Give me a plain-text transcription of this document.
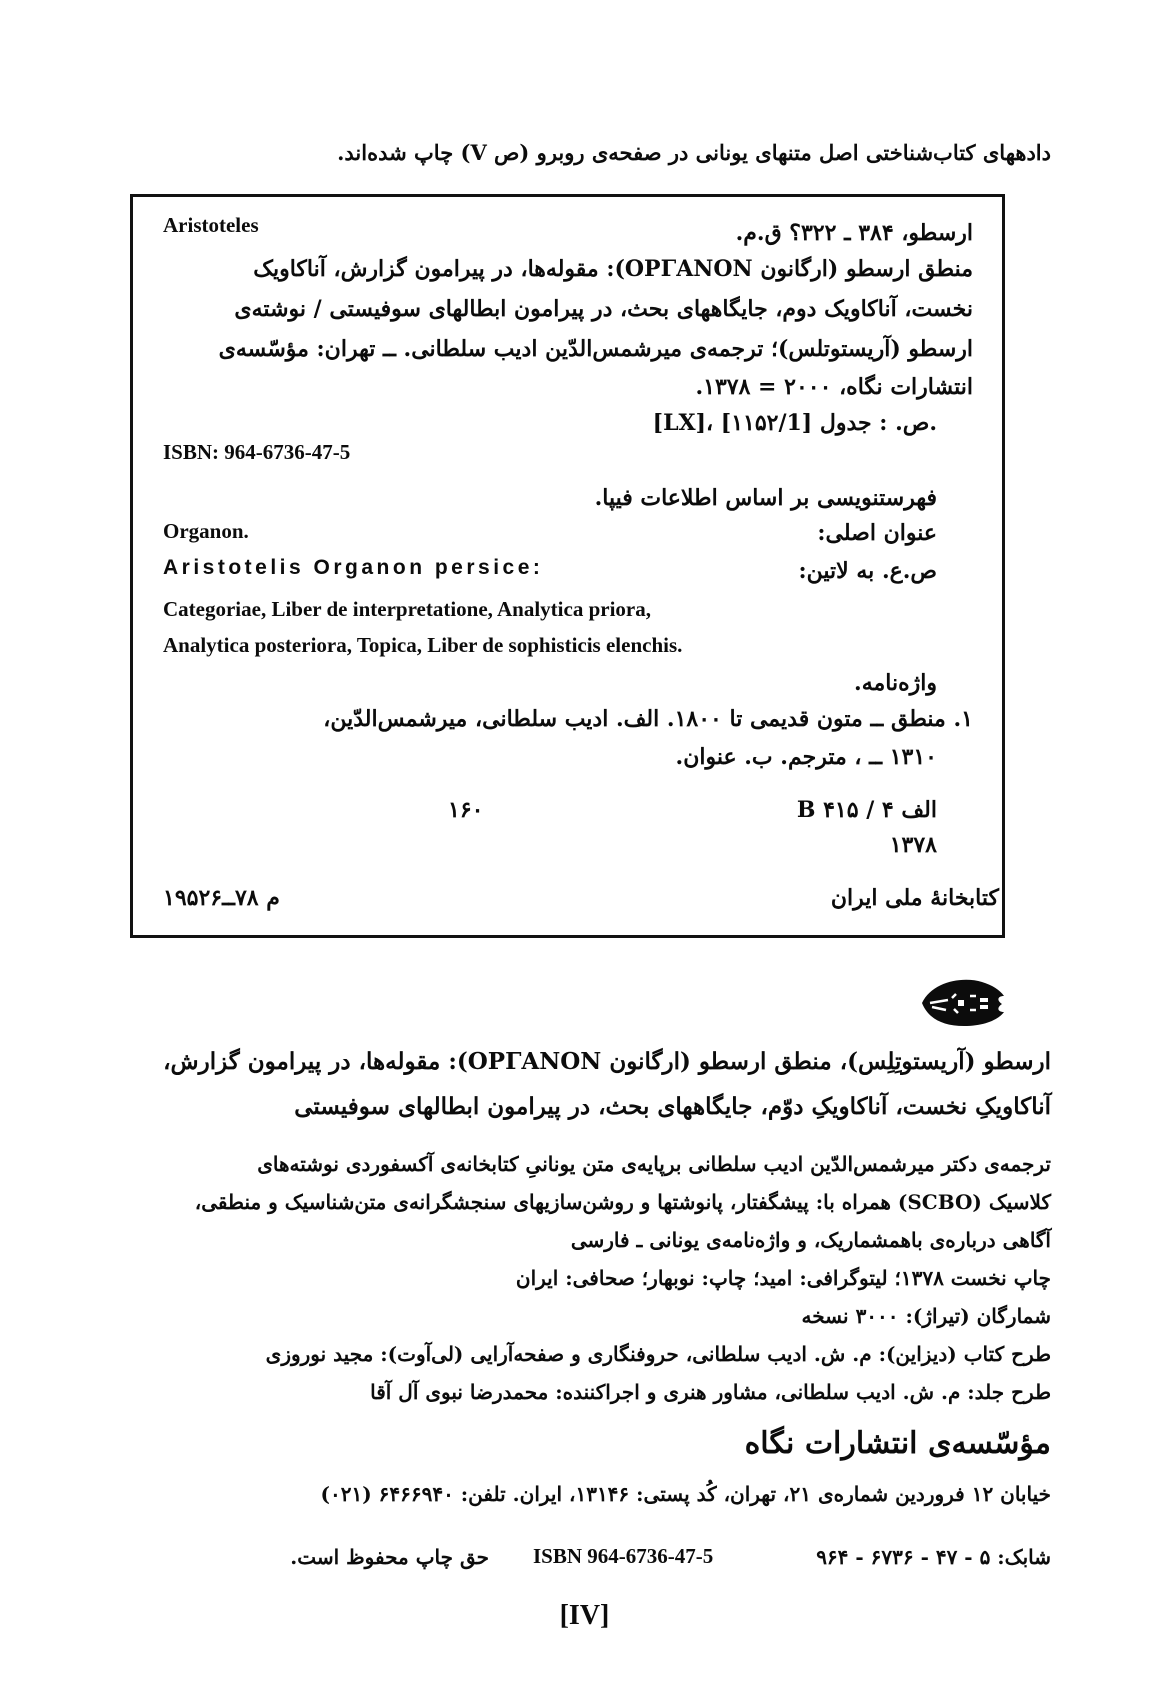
دادههای کتاب‌شناختی اصل متنهای یونانی در صفحه‌ی روبرو (ص V) چاپ شده‌اند.
Aristoteles	ارسطو، ۳۸۴ ـ ۳۲۲؟ ق.م.
منطق ارسطو (ارگانون ΟΡΓΑΝΟΝ): مقوله‌ها، در پیرامون گزارش، آناکاویک
نخست، آناکاویک دوم، جایگاههای بحث، در پیرامون ابطالهای سوفیستی / نوشته‌ی
ارسطو (آریستوتلس)؛ ترجمه‌ی میرشمس‌الدّین ادیب سلطانی. ــ تهران: مؤسّسه‌ی
انتشارات نگاه، ۲۰۰۰ = ۱۳۷۸.
[LX]، [۱۱۵۲/1] ص. : جدول.
ISBN: 964-6736-47-5
فهرستنویسی بر اساس اطلاعات فیپا.
Organon.	عنوان اصلی:
Aristotelis Organon persice:	ص.ع. به لاتین:
Categoriae, Liber de interpretatione, Analytica priora,
Analytica posteriora, Topica, Liber de sophisticis elenchis.
واژه‌نامه.
۱. منطق ــ متون قدیمی تا ۱۸۰۰. الف. ادیب سلطانی، میرشمس‌الدّین،
۱۳۱۰ ــ ، مترجم. ب. عنوان.
۱۶۰	B ۴۱۵ / ۴ الف
۱۳۷۸
م ۷۸ــ۱۹۵۲۶	کتابخانهٔ ملی ایران
ارسطو (آریستوتِلِس)، منطق ارسطو (ارگانون ΟΡΓΑΝΟΝ): مقوله‌ها، در پیرامون گزارش،
آناکاویکِ نخست، آناکاویکِ دوّم، جایگاههای بحث، در پیرامون ابطالهای سوفیستی
ترجمه‌ی دکتر میرشمس‌الدّین ادیب سلطانی برپایه‌ی متن یونانیِ کتابخانه‌ی آکسفوردی نوشته‌های
کلاسیک (SCBO) همراه با: پیشگفتار، پانوشتها و روشن‌سازیهای سنجشگرانه‌ی متن‌شناسیک و منطقی،
آگاهی درباره‌ی باهمشماریک، و واژه‌نامه‌ی یونانی ـ فارسی
چاپ نخست ۱۳۷۸؛ لیتوگرافی: امید؛ چاپ: نوبهار؛ صحافی: ایران
شمارگان (تیراژ): ۳۰۰۰ نسخه
طرح کتاب (دیزاین): م. ش. ادیب سلطانی، حروفنگاری و صفحه‌آرایی (لی‌آوت): مجید نوروزی
طرح جلد: م. ش. ادیب سلطانی، مشاور هنری و اجراکننده: محمدرضا نبوی آل آقا
مؤسّسه‌ی انتشارات نگاه
خیابان ۱۲ فروردین شماره‌ی ۲۱، تهران، کُد پستی: ۱۳۱۴۶، ایران. تلفن: ۶۴۶۶۹۴۰ (۰۲۱)
شابک: ۵ - ۴۷ - ۶۷۳۶ - ۹۶۴
ISBN 964-6736-47-5
حق چاپ محفوظ است.
[IV]
